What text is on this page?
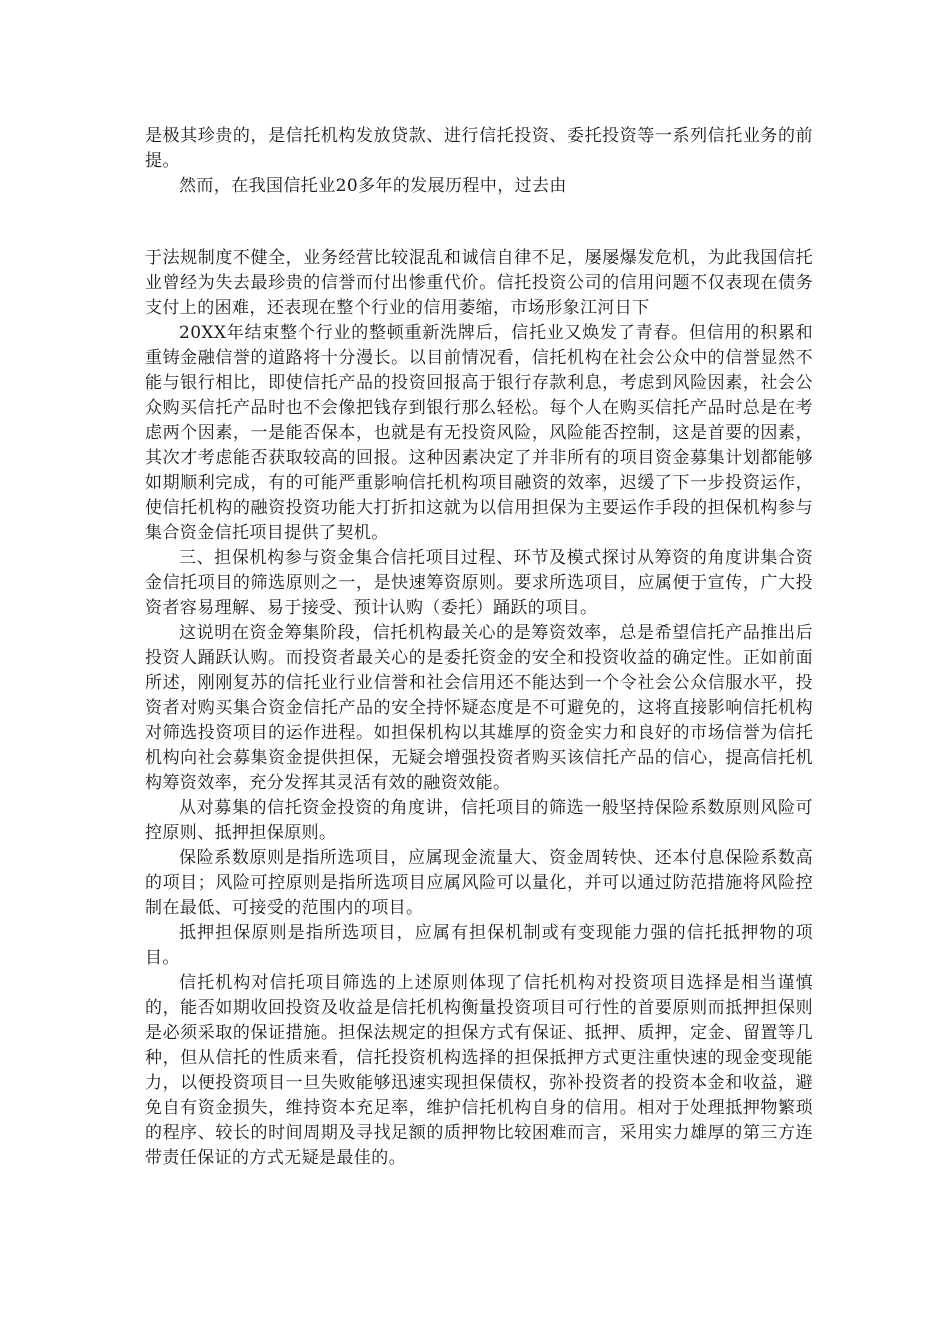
是极其珍贵的，是信托机构发放贷款、进行信托投资、委托投资等一系列信托业务的前提。

然而，在我国信托业20多年的发展历程中，过去由

于法规制度不健全，业务经营比较混乱和诚信自律不足，屡屡爆发危机，为此我国信托业曾经为失去最珍贵的信誉而付出惨重代价。信托投资公司的信用问题不仅表现在债务支付上的困难，还表现在整个行业的信用萎缩，市场形象江河日下

20XX年结束整个行业的整顿重新洗牌后，信托业又焕发了青春。但信用的积累和重铸金融信誉的道路将十分漫长。以目前情况看，信托机构在社会公众中的信誉显然不能与银行相比，即使信托产品的投资回报高于银行存款利息，考虑到风险因素，社会公众购买信托产品时也不会像把钱存到银行那么轻松。每个人在购买信托产品时总是在考虑两个因素，一是能否保本，也就是有无投资风险，风险能否控制，这是首要的因素，其次才考虑能否获取较高的回报。这种因素决定了并非所有的项目资金募集计划都能够如期顺利完成，有的可能严重影响信托机构项目融资的效率，迟缓了下一步投资运作，使信托机构的融资投资功能大打折扣这就为以信用担保为主要运作手段的担保机构参与集合资金信托项目提供了契机。

三、担保机构参与资金集合信托项目过程、环节及模式探讨从筹资的角度讲集合资金信托项目的筛选原则之一，是快速筹资原则。要求所选项目，应属便于宣传，广大投资者容易理解、易于接受、预计认购（委托）踊跃的项目。

这说明在资金筹集阶段，信托机构最关心的是筹资效率，总是希望信托产品推出后投资人踊跃认购。而投资者最关心的是委托资金的安全和投资收益的确定性。正如前面所述，刚刚复苏的信托业行业信誉和社会信用还不能达到一个令社会公众信服水平，投资者对购买集合资金信托产品的安全持怀疑态度是不可避免的，这将直接影响信托机构对筛选投资项目的运作进程。如担保机构以其雄厚的资金实力和良好的市场信誉为信托机构向社会募集资金提供担保，无疑会增强投资者购买该信托产品的信心，提高信托机构筹资效率，充分发挥其灵活有效的融资效能。

从对募集的信托资金投资的角度讲，信托项目的筛选一般坚持保险系数原则风险可控原则、抵押担保原则。

保险系数原则是指所选项目，应属现金流量大、资金周转快、还本付息保险系数高的项目；风险可控原则是指所选项目应属风险可以量化，并可以通过防范措施将风险控制在最低、可接受的范围内的项目。

抵押担保原则是指所选项目，应属有担保机制或有变现能力强的信托抵押物的项目。

信托机构对信托项目筛选的上述原则体现了信托机构对投资项目选择是相当谨慎的，能否如期收回投资及收益是信托机构衡量投资项目可行性的首要原则而抵押担保则是必须采取的保证措施。担保法规定的担保方式有保证、抵押、质押，定金、留置等几种，但从信托的性质来看，信托投资机构选择的担保抵押方式更注重快速的现金变现能力，以便投资项目一旦失败能够迅速实现担保债权，弥补投资者的投资本金和收益，避免自有资金损失，维持资本充足率，维护信托机构自身的信用。相对于处理抵押物繁琐的程序、较长的时间周期及寻找足额的质押物比较困难而言，采用实力雄厚的第三方连带责任保证的方式无疑是最佳的。
